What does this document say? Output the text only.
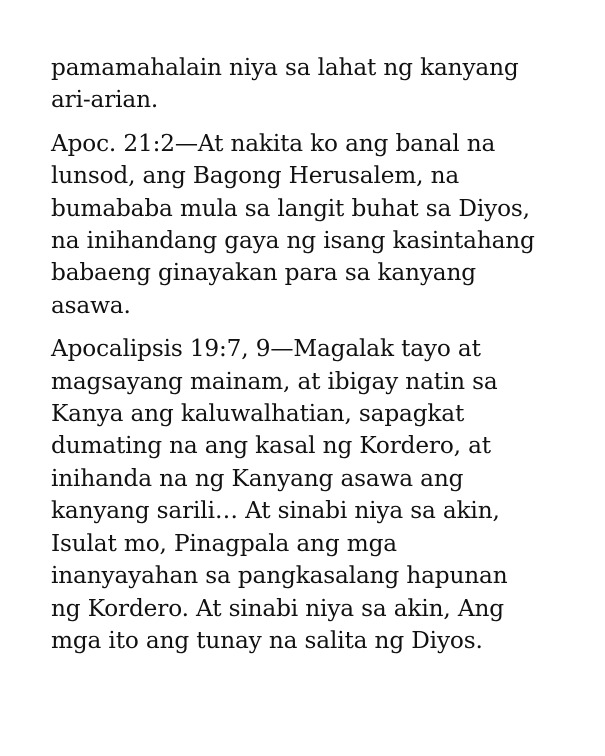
pamamahalain niya sa lahat ng kanyang
ari-arian.

Apoc. 21:2—At nakita ko ang banal na
lunsod, ang Bagong Herusalem, na
bumababa mula sa langit buhat sa Diyos,
na inihandang gaya ng isang kasintahang
babaeng ginayakan para sa kanyang
asawa.

Apocalipsis 19:7, 9—Magalak tayo at
magsayang mainam, at ibigay natin sa
Kanya ang kaluwalhatian, sapagkat
dumating na ang kasal ng Kordero, at
inihanda na ng Kanyang asawa ang
kanyang sarili… At sinabi niya sa akin,
Isulat mo, Pinagpala ang mga
inanyayahan sa pangkasalang hapunan
ng Kordero. At sinabi niya sa akin, Ang
mga ito ang tunay na salita ng Diyos.
